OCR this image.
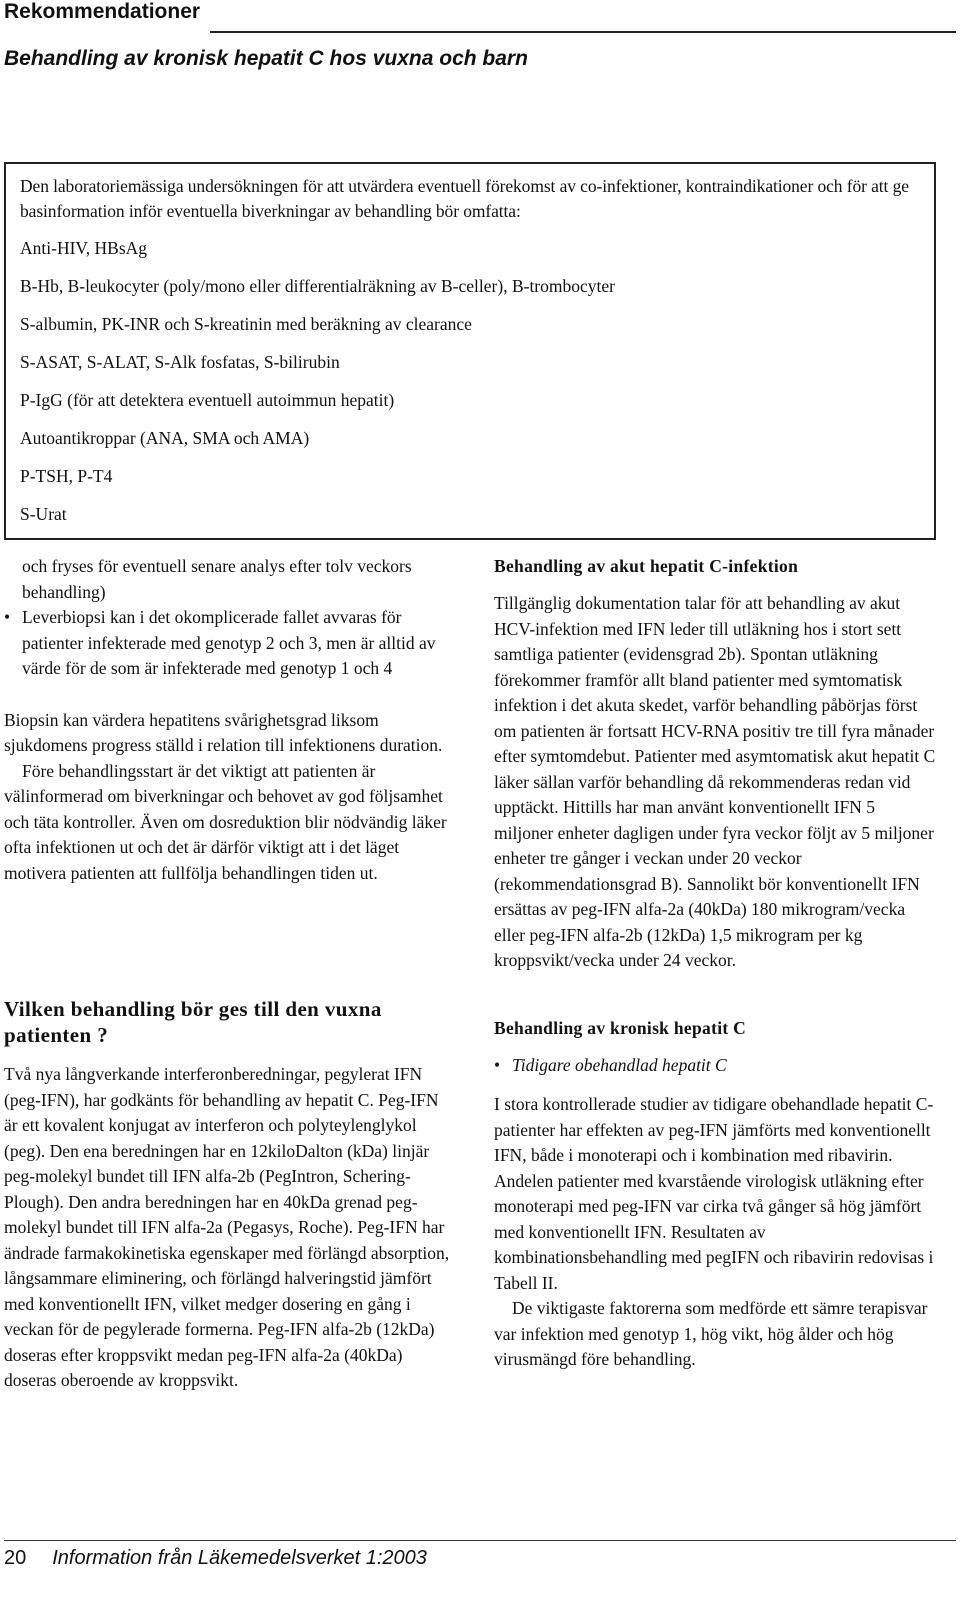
Rekommendationer
Behandling av kronisk hepatit C hos vuxna och barn

Den laboratoriemässiga undersökningen för att utvärdera eventuell förekomst av co-infektioner, kontraindikationer och för att ge basinformation inför eventuella biverkningar av behandling bör omfatta:

Anti-HIV, HBsAg

B-Hb, B-leukocyter (poly/mono eller differentialräkning av B-celler), B-trombocyter

S-albumin, PK-INR och S-kreatinin med beräkning av clearance

S-ASAT, S-ALAT, S-Alk fosfatas, S-bilirubin

P-IgG (för att detektera eventuell autoimmun hepatit)

Autoantikroppar (ANA, SMA och AMA)

P-TSH, P-T4

S-Urat

och fryses för eventuell senare analys efter tolv veckors behandling)

• Leverbiopsi kan i det okomplicerade fallet avvaras för patienter infekterade med genotyp 2 och 3, men är alltid av värde för de som är infekterade med genotyp 1 och 4

Biopsin kan värdera hepatitens svårighetsgrad liksom sjukdomens progress ställd i relation till infektionens duration.

Före behandlingsstart är det viktigt att patienten är välinformerad om biverkningar och behovet av god följsamhet och täta kontroller. Även om dosreduktion blir nödvändig läker ofta infektionen ut och det är därför viktigt att i det läget motivera patienten att fullfölja behandlingen tiden ut.

Vilken behandling bör ges till den vuxna patienten ?

Två nya långverkande interferonberedningar, pegylerat IFN (peg-IFN), har godkänts för behandling av hepatit C. Peg-IFN är ett kovalent konjugat av interferon och polyteylenglykol (peg). Den ena beredningen har en 12kiloDalton (kDa) linjär peg-molekyl bundet till IFN alfa-2b (PegIntron, Schering-Plough). Den andra beredningen har en 40kDa grenad peg-molekyl bundet till IFN alfa-2a (Pegasys, Roche). Peg-IFN har ändrade farmakokinetiska egenskaper med förlängd absorption, långsammare eliminering, och förlängd halveringstid jämfört med konventionellt IFN, vilket medger dosering en gång i veckan för de pegylerade formerna. Peg-IFN alfa-2b (12kDa) doseras efter kroppsvikt medan peg-IFN alfa-2a (40kDa) doseras oberoende av kroppsvikt.

Behandling av akut hepatit C-infektion

Tillgänglig dokumentation talar för att behandling av akut HCV-infektion med IFN leder till utläkning hos i stort sett samtliga patienter (evidensgrad 2b). Spontan utläkning förekommer framför allt bland patienter med symtomatisk infektion i det akuta skedet, varför behandling påbörjas först om patienten är fortsatt HCV-RNA positiv tre till fyra månader efter symtomdebut. Patienter med asymtomatisk akut hepatit C läker sällan varför behandling då rekommenderas redan vid upptäckt. Hittills har man använt konventionellt IFN 5 miljoner enheter dagligen under fyra veckor följt av 5 miljoner enheter tre gånger i veckan under 20 veckor (rekommendationsgrad B). Sannolikt bör konventionellt IFN ersättas av peg-IFN alfa-2a (40kDa) 180 mikrogram/vecka eller peg-IFN alfa-2b (12kDa) 1,5 mikrogram per kg kroppsvikt/vecka under 24 veckor.

Behandling av kronisk hepatit C

• Tidigare obehandlad hepatit C

I stora kontrollerade studier av tidigare obehandlade hepatit C-patienter har effekten av peg-IFN jämförts med konventionellt IFN, både i monoterapi och i kombination med ribavirin. Andelen patienter med kvarstående virologisk utläkning efter monoterapi med peg-IFN var cirka två gånger så hög jämfört med konventionellt IFN. Resultaten av kombinationsbehandling med pegIFN och ribavirin redovisas i Tabell II.

De viktigaste faktorerna som medförde ett sämre terapisvar var infektion med genotyp 1, hög vikt, hög ålder och hög virusmängd före behandling.

20 Information från Läkemedelsverket 1:2003
